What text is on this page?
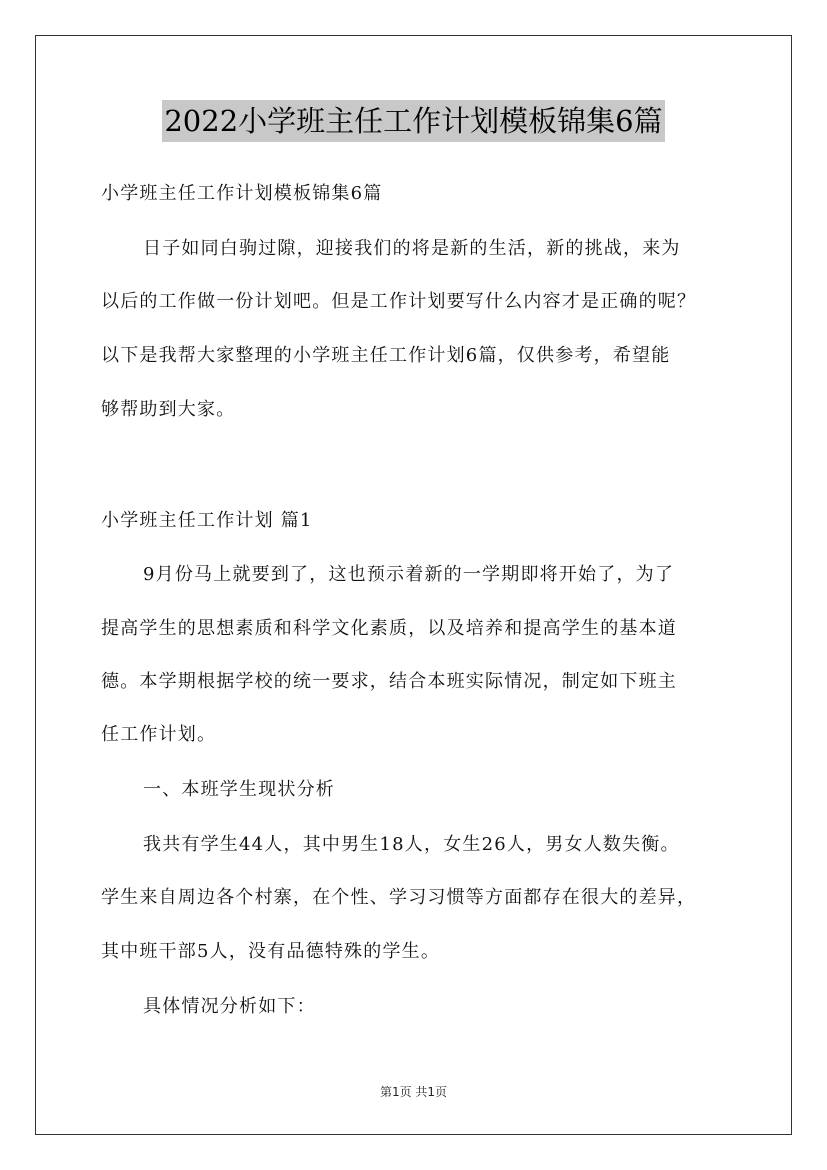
2022小学班主任工作计划模板锦集6篇
小学班主任工作计划模板锦集6篇
日子如同白驹过隙，迎接我们的将是新的生活，新的挑战，来为
以后的工作做一份计划吧。但是工作计划要写什么内容才是正确的呢？
以下是我帮大家整理的小学班主任工作计划6篇，仅供参考，希望能
够帮助到大家。
小学班主任工作计划 篇1
9月份马上就要到了，这也预示着新的一学期即将开始了，为了
提高学生的思想素质和科学文化素质，以及培养和提高学生的基本道
德。本学期根据学校的统一要求，结合本班实际情况，制定如下班主
任工作计划。
一、本班学生现状分析
我共有学生44人，其中男生18人，女生26人，男女人数失衡。
学生来自周边各个村寨，在个性、学习习惯等方面都存在很大的差异，
其中班干部5人，没有品德特殊的学生。
具体情况分析如下：
第1页 共1页
